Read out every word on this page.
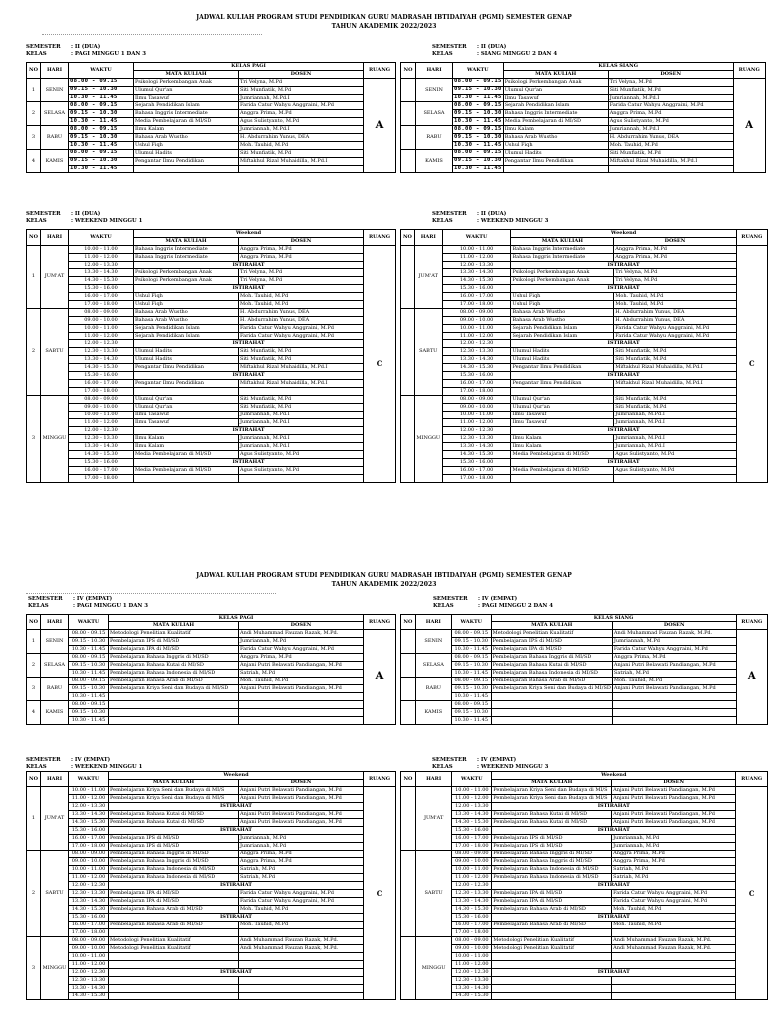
JADWAL KULIAH PROGRAM STUDI PENDIDIKAN GURU MADRASAH IBTIDAIYAH (PGMI) SEMESTER GENAP
TAHUN AKADEMIK 2022/2023
JADWAL KULIAH PROGRAM STUDI PENDIDIKAN GURU MADRASAH IBTIDAIYAH (PGMI) SEMESTER GENAP
TAHUN AKADEMIK 2022/2023
SEMESTER : II (DUA)
KELAS	: PAGI MINGGU 1 DAN 3
NO	HARI	WAKTU	KELAS PAGI		RUANG
			MATA KULIAH	DOSEN	
1	SENIN	08.00 - 09.15	Psikologi Perkembangan Anak	Tri Velyna, M.Pd	A
		09.15 - 10.30	Ulumul Qur'an	Siti Munfiatik, M.Pd	
		10.30 - 11.45	Ilmu Tasawuf	Jumriannah, M.Pd.I	
2	SELASA	08.00 - 09.15	Sejarah Pendidikan Islam	Farida Catur Wahyu Anggraini, M.Pd	
		09.15 - 10.30	Bahasa Inggris Intermediate	Anggra Prima, M.Pd	
		10.30 - 11.45	Media Pembelajaran di MI/SD	Agus Sulistyanto, M.Pd	
3	RABU	08.00 - 09.15	Ilmu Kalam	Jumriannah, M.Pd.I	
		09.15 - 10.30	Bahasa Arab Wustho	H. Abdurrahim Yunus, DEA	
		10.30 - 11.45	Ushul Fiqh	Moh. Tauhid, M.Pd	
4	KAMIS	08.00 - 09.15	Ulumul Hadits	Siti Munfiatik, M.Pd	
		09.15 - 10.30	Pengantar Ilmu Pendidikan	Miftakhul Rizal Muhaidilla, M.Pd.I	
		10.30 - 11.45			
SEMESTER : II (DUA)
KELAS	: SIANG MINGGU 2 DAN 4
NO	HARI	WAKTU	KELAS SIANG		RUANG
			MATA KULIAH	DOSEN	
	SENIN	08.00 - 09.15	Psikologi Perkembangan Anak	Tri Velyna, M.Pd	A
		09.15 - 10.30	Ulumul Qur'an	Siti Munfiatik, M.Pd	
		10.30 - 11.45	Ilmu Tasawuf	Jumriannah, M.Pd.I	
	SELASA	08.00 - 09.15	Sejarah Pendidikan Islam	Farida Catur Wahyu Anggraini, M.Pd	
		09.15 - 10.30	Bahasa Inggris Intermediate	Anggra Prima, M.Pd	
		10.30 - 11.45	Media Pembelajaran di MI/SD	Agus Sulistyanto, M.Pd	
	RABU	08.00 - 09.15	Ilmu Kalam	Jumriannah, M.Pd.I	
		09.15 - 10.30	Bahasa Arab Wustho	H. Abdurrahim Yunus, DEA	
		10.30 - 11.45	Ushul Fiqh	Moh. Tauhid, M.Pd	
	KAMIS	08.00 - 09.15	Ulumul Hadits	Siti Munfiatik, M.Pd	
		09.15 - 10.30	Pengantar Ilmu Pendidikan	Miftakhul Rizal Muhaidilla, M.Pd.I	
		10.30 - 11.45			
SEMESTER : II (DUA)
KELAS	: WEEKEND MINGGU 1
NO	HARI	WAKTU	Weekend		RUANG
			MATA KULIAH	DOSEN	
1	JUM'AT	10.00 - 11.00	Bahasa Inggris Intermediate	Anggra Prima, M.Pd	C
		11.00 - 12.00	Bahasa Inggris Intermediate	Anggra Prima, M.Pd	
		12.00 - 13.30	ISTIRAHAT		
		13.30 - 14.30	Psikologi Perkembangan Anak	Tri Velyna, M.Pd	
		14.30 - 15.30	Psikologi Perkembangan Anak	Tri Velyna, M.Pd	
		15.30 - 16.00	ISTIRAHAT		
		16.00 - 17.00	Ushul Fiqh	Moh. Tauhid, M.Pd	
		17.00 - 18.00	Ushul Fiqh	Moh. Tauhid, M.Pd	
2	SABTU	08.00 - 09.00	Bahasa Arab Wustho	H. Abdurrahim Yunus, DEA	
		09.00 - 10.00	Bahasa Arab Wustho	H. Abdurrahim Yunus, DEA	
		10.00 - 11.00	Sejarah Pendidikan Islam	Farida Catur Wahyu Anggraini, M.Pd	
		11.00 - 12.00	Sejarah Pendidikan Islam	Farida Catur Wahyu Anggraini, M.Pd	
		12.00 - 12.30	ISTIRAHAT		
		12.30 - 13.30	Ulumul Hadits	Siti Munfiatik, M.Pd	
		13.30 - 14.30	Ulumul Hadits	Siti Munfiatik, M.Pd	
		14.30 - 15.30	Pengantar Ilmu Pendidikan	Miftakhul Rizal Muhaidilla, M.Pd.I	
		15.30 - 16.00	ISTIRAHAT		
		16.00 - 17.00	Pengantar Ilmu Pendidikan	Miftakhul Rizal Muhaidilla, M.Pd.I	
		17.00 - 18.00			
3	MINGGU	08.00 - 09.00	Ulumul Qur'an	Siti Munfiatik, M.Pd	
		09.00 - 10.00	Ulumul Qur'an	Siti Munfiatik, M.Pd	
		10.00 - 11.00	Ilmu Tasawuf	Jumriannah, M.Pd.I	
		11.00 - 12.00	Ilmu Tasawuf	Jumriannah, M.Pd.I	
		12.00 - 12.30	ISTIRAHAT		
		12.30 - 13.30	Ilmu Kalam	Jumriannah, M.Pd.I	
		13.30 - 14.30	Ilmu Kalam	Jumriannah, M.Pd.I	
		14.30 - 15.30	Media Pembelajaran di MI/SD	Agus Sulistyanto, M.Pd	
		15.30 - 16.00	ISTIRAHAT		
		16.00 - 17.00	Media Pembelajaran di MI/SD	Agus Sulistyanto, M.Pd	
		17.00 - 18.00			
SEMESTER : II (DUA)
KELAS	: WEEKEND MINGGU 3
NO	HARI	WAKTU	Weekend		RUANG
			MATA KULIAH	DOSEN	
	JUM'AT	10.00 - 11.00	Bahasa Inggris Intermediate	Anggra Prima, M.Pd	C
		11.00 - 12.00	Bahasa Inggris Intermediate	Anggra Prima, M.Pd	
		12.00 - 13.30	ISTIRAHAT		
		13.30 - 14.30	Psikologi Perkembangan Anak	Tri Velyna, M.Pd	
		14.30 - 15.30	Psikologi Perkembangan Anak	Tri Velyna, M.Pd	
		15.30 - 16.00	ISTIRAHAT		
		16.00 - 17.00	Ushul Fiqh	Moh. Tauhid, M.Pd	
		17.00 - 18.00	Ushul Fiqh	Moh. Tauhid, M.Pd	
	SABTU	08.00 - 09.00	Bahasa Arab Wustho	H. Abdurrahim Yunus, DEA	
		09.00 - 10.00	Bahasa Arab Wustho	H. Abdurrahim Yunus, DEA	
		10.00 - 11.00	Sejarah Pendidikan Islam	Farida Catur Wahyu Anggraini, M.Pd	
		11.00 - 12.00	Sejarah Pendidikan Islam	Farida Catur Wahyu Anggraini, M.Pd	
		12.00 - 12.30	ISTIRAHAT		
		12.30 - 13.30	Ulumul Hadits	Siti Munfiatik, M.Pd	
		13.30 - 14.30	Ulumul Hadits	Siti Munfiatik, M.Pd	
		14.30 - 15.30	Pengantar Ilmu Pendidikan	Miftakhul Rizal Muhaidilla, M.Pd.I	
		15.30 - 16.00	ISTIRAHAT		
		16.00 - 17.00	Pengantar Ilmu Pendidikan	Miftakhul Rizal Muhaidilla, M.Pd.I	
		17.00 - 18.00			
	MINGGU	08.00 - 09.00	Ulumul Qur'an	Siti Munfiatik, M.Pd	
		09.00 - 10.00	Ulumul Qur'an	Siti Munfiatik, M.Pd	
		10.00 - 11.00	Ilmu Tasawuf	Jumriannah, M.Pd.I	
		11.00 - 12.00	Ilmu Tasawuf	Jumriannah, M.Pd.I	
		12.00 - 12.30	ISTIRAHAT		
		12.30 - 13.30	Ilmu Kalam	Jumriannah, M.Pd.I	
		13.30 - 14.30	Ilmu Kalam	Jumriannah, M.Pd.I	
		14.30 - 15.30	Media Pembelajaran di MI/SD	Agus Sulistyanto, M.Pd	
		15.30 - 16.00	ISTIRAHAT		
		16.00 - 17.00	Media Pembelajaran di MI/SD	Agus Sulistyanto, M.Pd	
		17.00 - 18.00			
SEMESTER : IV (EMPAT)
KELAS	: PAGI MINGGU 1 DAN 3
NO	HARI	WAKTU	KELAS PAGI		RUANG
			MATA KULIAH	DOSEN	
1	SENIN	08.00 - 09.15	Metodologi Penelitian Kualitatif	Andi Muhammad Fauzan Razak, M.Pd.	A
		09.15 - 10.30	Pembelajaran IPS di MI/SD	Jumriannah, M.Pd	
		10.30 - 11.45	Pembelajaran IPA di MI/SD	Farida Catur Wahyu Anggraini, M.Pd	
2	SELASA	08.00 - 09.15	Pembelajaran Bahasa Inggris di MI/SD	Anggra Prima, M.Pd	
		09.15 - 10.30	Pembelajaran Bahasa Kutai di MI/SD	Anjani Putri Belawati Pandiangan, M.Pd	
		10.30 - 11.45	Pembelajaran Bahasa Indonesia di MI/SD	Satriah, M.Pd	
3	RABU	08.00 - 09.15	Pembelajaran Bahasa Arab di MI/SD	Moh. Tauhid, M.Pd	
		09.15 - 10.30	Pembelajaran Kriya Seni dan Budaya di MI/SD	Anjani Putri Belawati Pandiangan, M.Pd	
		10.30 - 11.45			
4	KAMIS	08.00 - 09.15			
		09.15 - 10.30			
		10.30 - 11.45			
SEMESTER : IV (EMPAT)
KELAS	: PAGI MINGGU 2 DAN 4
NO	HARI	WAKTU	KELAS SIANG		RUANG
			MATA KULIAH	DOSEN	
	SENIN	08.00 - 09.15	Metodologi Penelitian Kualitatif	Andi Muhammad Fauzan Razak, M.Pd.	A
		09.15 - 10.30	Pembelajaran IPS di MI/SD	Jumriannah, M.Pd	
		10.30 - 11.45	Pembelajaran IPA di MI/SD	Farida Catur Wahyu Anggraini, M.Pd	
	SELASA	08.00 - 09.15	Pembelajaran Bahasa Inggris di MI/SD	Anggra Prima, M.Pd	
		09.15 - 10.30	Pembelajaran Bahasa Kutai di MI/SD	Anjani Putri Belawati Pandiangan, M.Pd	
		10.30 - 11.45	Pembelajaran Bahasa Indonesia di MI/SD	Satriah, M.Pd	
	RABU	08.00 - 09.15	Pembelajaran Bahasa Arab di MI/SD	Moh. Tauhid, M.Pd	
		09.15 - 10.30	Pembelajaran Kriya Seni dan Budaya di MI/SD	Anjani Putri Belawati Pandiangan, M.Pd	
		10.30 - 11.45			
	KAMIS	08.00 - 09.15			
		09.15 - 10.30			
		10.30 - 11.45			
SEMESTER : IV (EMPAT)
KELAS	: WEEKEND MINGGU 1
NO	HARI	WAKTU	Weekend		RUANG
			MATA KULIAH	DOSEN	
1	JUM'AT	10.00 - 11.00	Pembelajaran Kriya Seni dan Budaya di MI/S	Anjani Putri Belawati Pandiangan, M.Pd	C
		11.00 - 12.00	Pembelajaran Kriya Seni dan Budaya di MI/S	Anjani Putri Belawati Pandiangan, M.Pd	
		12.00 - 13.30	ISTIRAHAT		
		13.30 - 14.30	Pembelajaran Bahasa Kutai di MI/SD	Anjani Putri Belawati Pandiangan, M.Pd	
		14.30 - 15.30	Pembelajaran Bahasa Kutai di MI/SD	Anjani Putri Belawati Pandiangan, M.Pd	
		15.30 - 16.00	ISTIRAHAT		
		16.00 - 17.00	Pembelajaran IPS di MI/SD	Jumriannah, M.Pd	
		17.00 - 18.00	Pembelajaran IPS di MI/SD	Jumriannah, M.Pd	
2	SABTU	08.00 - 09.00	Pembelajaran Bahasa Inggris di MI/SD	Anggra Prima, M.Pd	
		09.00 - 10.00	Pembelajaran Bahasa Inggris di MI/SD	Anggra Prima, M.Pd	
		10.00 - 11.00	Pembelajaran Bahasa Indonesia di MI/SD	Satriah, M.Pd	
		11.00 - 12.00	Pembelajaran Bahasa Indonesia di MI/SD	Satriah, M.Pd	
		12.00 - 12.30	ISTIRAHAT		
		12.30 - 13.30	Pembelajaran IPA di MI/SD	Farida Catur Wahyu Anggraini, M.Pd	
		13.30 - 14.30	Pembelajaran IPA di MI/SD	Farida Catur Wahyu Anggraini, M.Pd	
		14.30 - 15.30	Pembelajaran Bahasa Arab di MI/SD	Moh. Tauhid, M.Pd	
		15.30 - 16.00	ISTIRAHAT		
		16.00 - 17.00	Pembelajaran Bahasa Arab di MI/SD	Moh. Tauhid, M.Pd	
		17.00 - 18.00			
3	MINGGU	08.00 - 09.00	Metodologi Penelitian Kualitatif	Andi Muhammad Fauzan Razak, M.Pd.	
		09.00 - 10.00	Metodologi Penelitian Kualitatif	Andi Muhammad Fauzan Razak, M.Pd.	
		10.00 - 11.00			
		11.00 - 12.00			
		12.00 - 12.30	ISTIRAHAT		
		12.30 - 13.30			
		13.30 - 14.30			
		14.30 - 15.30			
SEMESTER : IV (EMPAT)
KELAS	: WEEKEND MINGGU 3
NO	HARI	WAKTU	Weekend		RUANG
			MATA KULIAH	DOSEN	
	JUM'AT	10.00 - 11.00	Pembelajaran Kriya Seni dan Budaya di MI/S	Anjani Putri Belawati Pandiangan, M.Pd	C
		11.00 - 12.00	Pembelajaran Kriya Seni dan Budaya di MI/S	Anjani Putri Belawati Pandiangan, M.Pd	
		12.00 - 13.30	ISTIRAHAT		
		13.30 - 14.30	Pembelajaran Bahasa Kutai di MI/SD	Anjani Putri Belawati Pandiangan, M.Pd	
		14.30 - 15.30	Pembelajaran Bahasa Kutai di MI/SD	Anjani Putri Belawati Pandiangan, M.Pd	
		15.30 - 16.00	ISTIRAHAT		
		16.00 - 17.00	Pembelajaran IPS di MI/SD	Jumriannah, M.Pd	
		17.00 - 18.00	Pembelajaran IPS di MI/SD	Jumriannah, M.Pd	
	SABTU	08.00 - 09.00	Pembelajaran Bahasa Inggris di MI/SD	Anggra Prima, M.Pd	
		09.00 - 10.00	Pembelajaran Bahasa Inggris di MI/SD	Anggra Prima, M.Pd	
		10.00 - 11.00	Pembelajaran Bahasa Indonesia di MI/SD	Satriah, M.Pd	
		11.00 - 12.00	Pembelajaran Bahasa Indonesia di MI/SD	Satriah, M.Pd	
		12.00 - 12.30	ISTIRAHAT		
		12.30 - 13.30	Pembelajaran IPA di MI/SD	Farida Catur Wahyu Anggraini, M.Pd	
		13.30 - 14.30	Pembelajaran IPA di MI/SD	Farida Catur Wahyu Anggraini, M.Pd	
		14.30 - 15.30	Pembelajaran Bahasa Arab di MI/SD	Moh. Tauhid, M.Pd	
		15.30 - 16.00	ISTIRAHAT		
		16.00 - 17.00	Pembelajaran Bahasa Arab di MI/SD	Moh. Tauhid, M.Pd	
		17.00 - 18.00			
	MINGGU	08.00 - 09.00	Metodologi Penelitian Kualitatif	Andi Muhammad Fauzan Razak, M.Pd.	
		09.00 - 10.00	Metodologi Penelitian Kualitatif	Andi Muhammad Fauzan Razak, M.Pd.	
		10.00 - 11.00			
		11.00 - 12.00			
		12.00 - 12.30	ISTIRAHAT		
		12.30 - 13.30			
		13.30 - 14.30			
		14.30 - 15.30			
